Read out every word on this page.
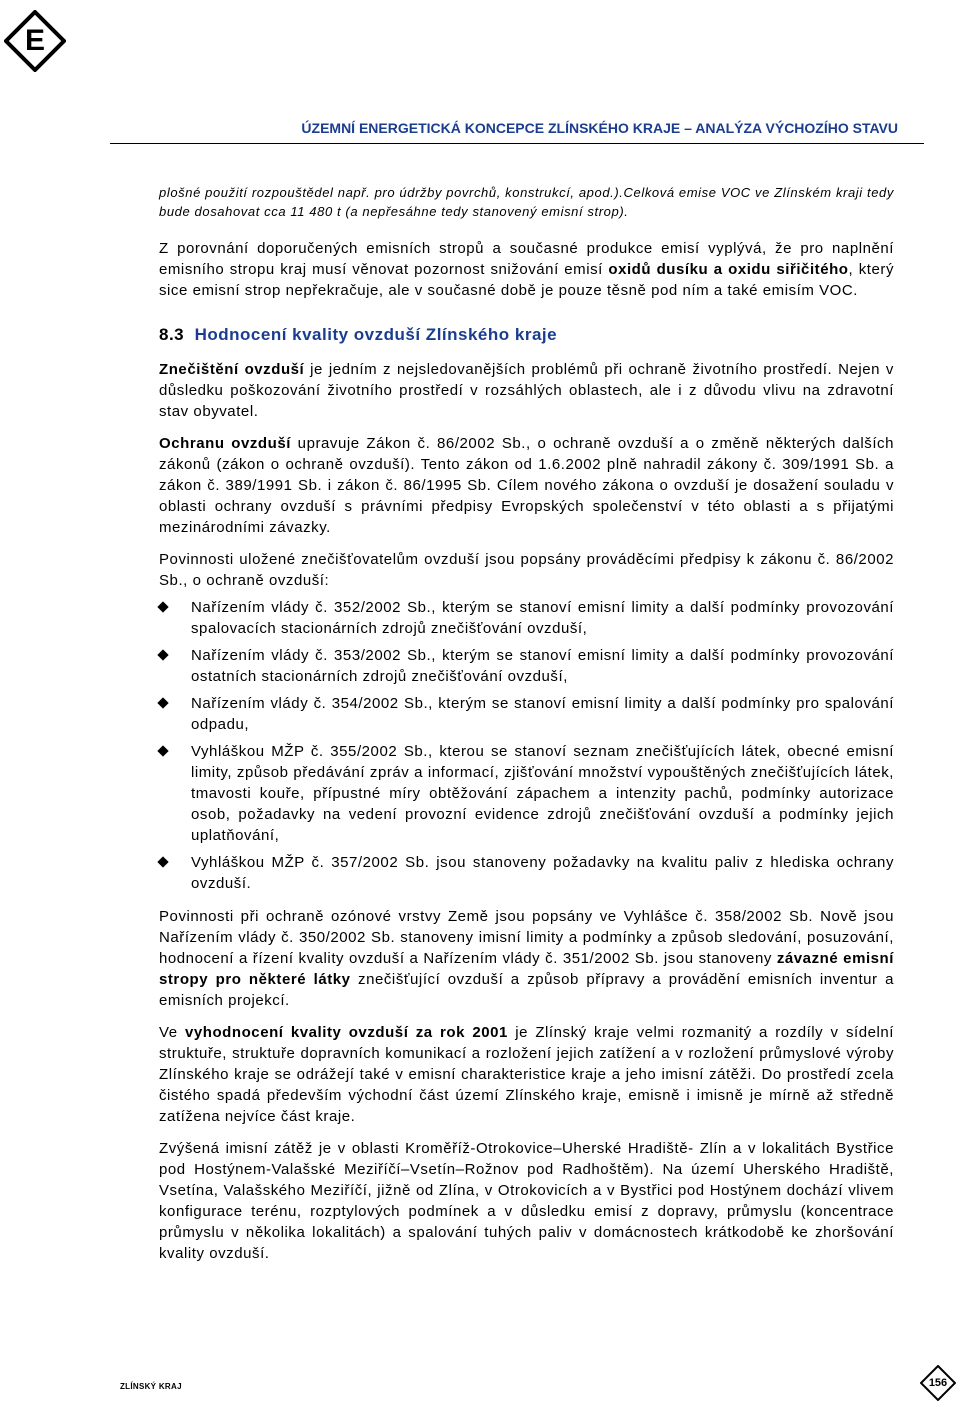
E
ÚZEMNÍ ENERGETICKÁ KONCEPCE ZLÍNSKÉHO KRAJE – ANALÝZA VÝCHOZÍHO STAVU

plošné použití rozpouštědel např. pro údržby povrchů, konstrukcí, apod.).Celková emise VOC ve Zlínském kraji tedy bude dosahovat cca 11 480 t (a nepřesáhne tedy stanovený emisní strop).

Z porovnání doporučených emisních stropů a současné produkce emisí vyplývá, že pro naplnění emisního stropu kraj musí věnovat pozornost snižování emisí oxidů dusíku a oxidu siřičitého, který sice emisní strop nepřekračuje, ale v současné době je pouze těsně pod ním a také emisím VOC.

8.3 Hodnocení kvality ovzduší Zlínského kraje

Znečištění ovzduší je jedním z nejsledovanějších problémů při ochraně životního prostředí. Nejen v důsledku poškozování životního prostředí v rozsáhlých oblastech, ale i z důvodu vlivu na zdravotní stav obyvatel.

Ochranu ovzduší upravuje Zákon č. 86/2002 Sb., o ochraně ovzduší a o změně některých dalších zákonů (zákon o ochraně ovzduší). Tento zákon od 1.6.2002 plně nahradil zákony č. 309/1991 Sb. a zákon č. 389/1991 Sb. i zákon č. 86/1995 Sb. Cílem nového zákona o ovzduší je dosažení souladu v oblasti ochrany ovzduší s právními předpisy Evropských společenství v této oblasti a s přijatými mezinárodními závazky.

Povinnosti uložené znečišťovatelům ovzduší jsou popsány prováděcími předpisy k zákonu č. 86/2002 Sb., o ochraně ovzduší:

Nařízením vlády č. 352/2002 Sb., kterým se stanoví emisní limity a další podmínky provozování spalovacích stacionárních zdrojů znečišťování ovzduší,
Nařízením vlády č. 353/2002 Sb., kterým se stanoví emisní limity a další podmínky provozování ostatních stacionárních zdrojů znečišťování ovzduší,
Nařízením vlády č. 354/2002 Sb., kterým se stanoví emisní limity a další podmínky pro spalování odpadu,
Vyhláškou MŽP č. 355/2002 Sb., kterou se stanoví seznam znečišťujících látek, obecné emisní limity, způsob předávání zpráv a informací, zjišťování množství vypouštěných znečišťujících látek, tmavosti kouře, přípustné míry obtěžování zápachem a intenzity pachů, podmínky autorizace osob, požadavky na vedení provozní evidence zdrojů znečišťování ovzduší a podmínky jejich uplatňování,
Vyhláškou MŽP č. 357/2002 Sb. jsou stanoveny požadavky na kvalitu paliv z hlediska ochrany ovzduší.

Povinnosti při ochraně ozónové vrstvy Země jsou popsány ve Vyhlášce č. 358/2002 Sb. Nově jsou Nařízením vlády č. 350/2002 Sb. stanoveny imisní limity a podmínky a způsob sledování, posuzování, hodnocení a řízení kvality ovzduší a Nařízením vlády č. 351/2002 Sb. jsou stanoveny závazné emisní stropy pro některé látky znečišťující ovzduší a způsob přípravy a provádění emisních inventur a emisních projekcí.

Ve vyhodnocení kvality ovzduší za rok 2001 je Zlínský kraje velmi rozmanitý a rozdíly v sídelní struktuře, struktuře dopravních komunikací a rozložení jejich zatížení a v rozložení průmyslové výroby Zlínského kraje se odrážejí také v emisní charakteristice kraje a jeho imisní zátěži. Do prostředí zcela čistého spadá především východní část území Zlínského kraje, emisně i imisně je mírně až středně zatížena nejvíce část kraje.

Zvýšená imisní zátěž je v oblasti Kroměříž-Otrokovice–Uherské Hradiště- Zlín a v lokalitách Bystřice pod Hostýnem-Valašské Meziříčí–Vsetín–Rožnov pod Radhoštěm). Na území Uherského Hradiště, Vsetína, Valašského Meziříčí, jižně od Zlína, v Otrokovicích a v Bystřici pod Hostýnem dochází vlivem konfigurace terénu, rozptylových podmínek a v důsledku emisí z dopravy, průmyslu (koncentrace průmyslu v několika lokalitách) a spalování tuhých paliv v domácnostech krátkodobě ke zhoršování kvality ovzduší.

ZLÍNSKÝ KRAJ	156
